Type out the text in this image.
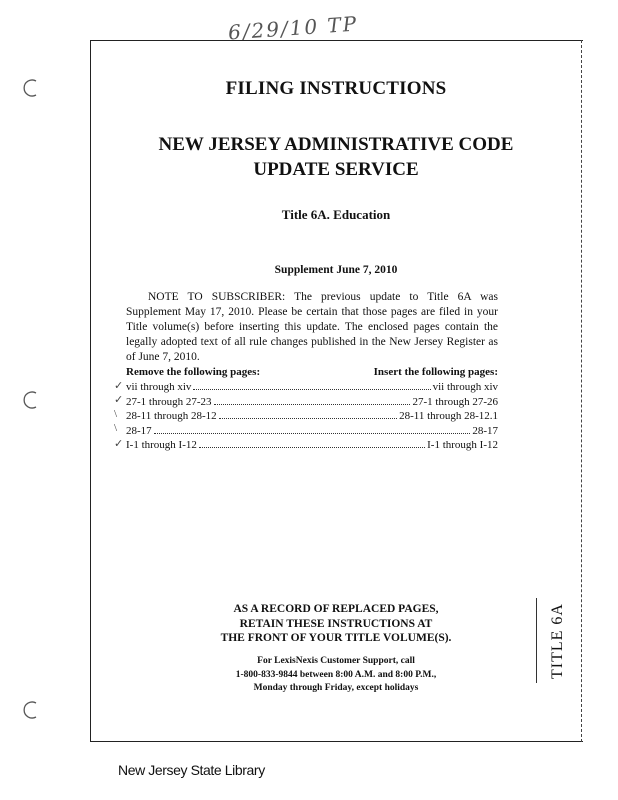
6/29/10 TP
FILING INSTRUCTIONS
NEW JERSEY ADMINISTRATIVE CODE
UPDATE SERVICE
Title 6A. Education
Supplement June 7, 2010
NOTE TO SUBSCRIBER: The previous update to Title 6A was Supplement May 17, 2010. Please be certain that those pages are filed in your Title volume(s) before inserting this update. The enclosed pages contain the legally adopted text of all rule changes published in the New Jersey Register as of June 7, 2010.
Remove the following pages:	Insert the following pages:
vii through xiv	vii through xiv
27-1 through 27-23	27-1 through 27-26
28-11 through 28-12	28-11 through 28-12.1
28-17	28-17
I-1 through I-12	I-1 through I-12
✓
✓
\
\
✓
AS A RECORD OF REPLACED PAGES,
RETAIN THESE INSTRUCTIONS AT
THE FRONT OF YOUR TITLE VOLUME(S).
For LexisNexis Customer Support, call
1-800-833-9844 between 8:00 A.M. and 8:00 P.M.,
Monday through Friday, except holidays
TITLE 6A
New Jersey State Library
